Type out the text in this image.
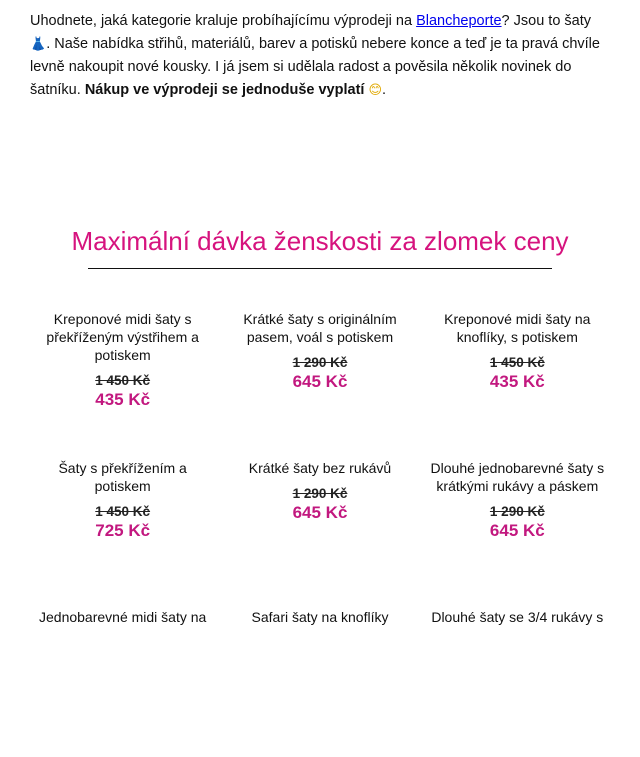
Uhodnete, jaká kategorie kraluje probíhajícímu výprodeji na Blancheporte? Jsou to šaty 👗. Naše nabídka střihů, materiálů, barev a potisků nebere konce a teď je ta pravá chvíle levně nakoupit nové kousky. I já jsem si udělala radost a pověsila několik novinek do šatníku. Nákup ve výprodeji se jednoduše vyplatí 😊.
Maximální dávka ženskosti za zlomek ceny
Kreponové midi šaty s překříženým výstřihem a potiskem
1 450 Kč
435 Kč
Krátké šaty s originálním pasem, voál s potiskem
1 290 Kč
645 Kč
Kreponové midi šaty na knoflíky, s potiskem
1 450 Kč
435 Kč
Šaty s překřížením a potiskem
1 450 Kč
725 Kč
Krátké šaty bez rukávů
1 290 Kč
645 Kč
Dlouhé jednobarevné šaty s krátkými rukávy a páskem
1 290 Kč
645 Kč
Jednobarevné midi šaty na	Safari šaty na knoflíky	Dlouhé šaty se 3/4 rukávy s
